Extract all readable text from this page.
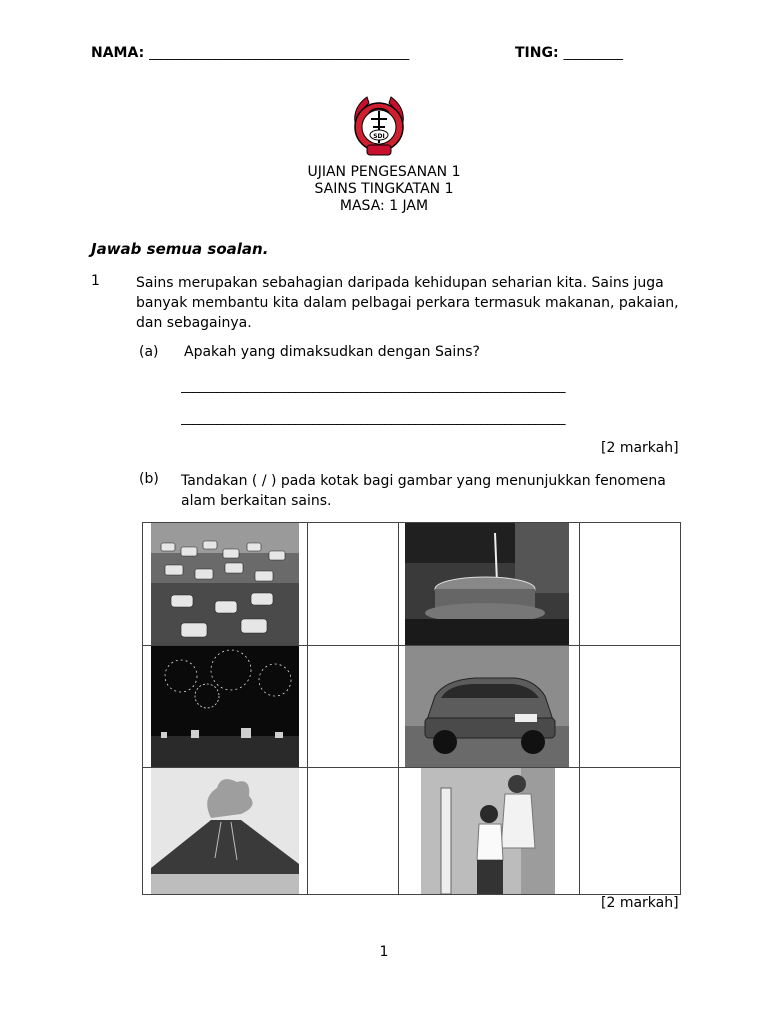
NAMA: ____________________________________________	TING: __________
SDI
UJIAN PENGESANAN 1
SAINS TINGKATAN 1
MASA: 1 JAM
Jawab semua soalan.
1	Sains merupakan sebahagian daripada kehidupan seharian kita. Sains juga banyak membantu kita dalam pelbagai perkara termasuk makanan, pakaian, dan sebagainya.
(a) Apakah yang dimaksudkan dengan Sains?
________________________________________________________________
________________________________________________________________
[2 markah]
(b) Tandakan ( / ) pada kotak bagi gambar yang menunjukkan fenomena alam berkaitan sains.

[2 markah]
1
